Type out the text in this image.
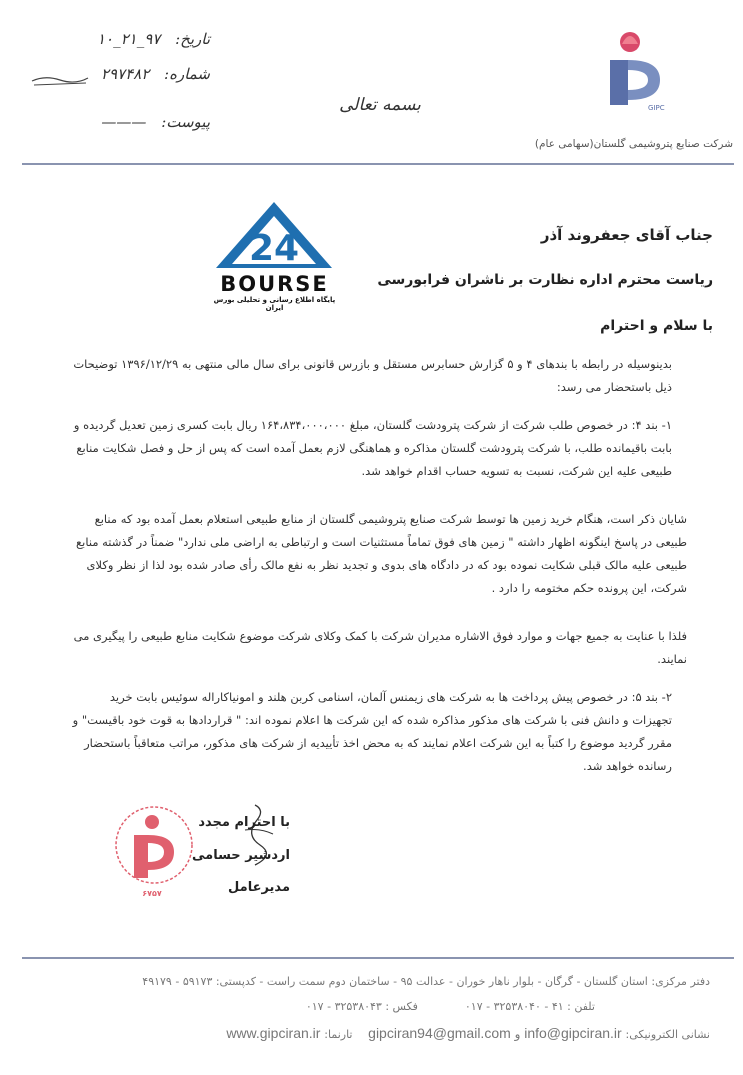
GIPC
شرکت صنایع پتروشیمی گلستان(سهامی عام)
بسمه تعالی
تاریخ: ۹۷_۲۱_۱۰
شماره: ۲۹۷۴۸۲
پیوست: ———
24
BOURSE
پایگاه اطلاع رسانی و تحلیلی بورس ایران
جناب آقای جعفروند آذر
ریاست محترم اداره نظارت بر ناشران فرابورسی
با سلام و احترام
بدینوسیله در رابطه با بندهای ۴ و ۵ گزارش حسابرس مستقل و بازرس قانونی برای سال مالی منتهی به ۱۳۹۶/۱۲/۲۹ توضیحات ذیل باستحضار می رسد:
۱- بند ۴: در خصوص طلب شرکت از شرکت پترودشت گلستان، مبلغ ۱۶۴،۸۳۴،۰۰۰،۰۰۰ ریال بابت کسری زمین تعدیل گردیده و بابت باقیمانده طلب، با شرکت پترودشت گلستان مذاکره و هماهنگی لازم بعمل آمده است که پس از حل و فصل شکایت منابع طبیعی علیه این شرکت، نسبت به تسویه حساب اقدام خواهد شد.
شایان ذکر است، هنگام خرید زمین ها توسط شرکت صنایع پتروشیمی گلستان از منابع طبیعی استعلام بعمل آمده بود که منابع طبیعی در پاسخ اینگونه اظهار داشته " زمین های فوق تماماً مستثنیات است و ارتباطی به اراضی ملی ندارد" ضمناً در گذشته منابع طبیعی علیه مالک قبلی شکایت نموده بود که در دادگاه های بدوی و تجدید نظر به نفع مالک رأی صادر شده بود لذا از نظر وکلای شرکت، این پرونده حکم مختومه را دارد .
فلذا با عنایت به جمیع جهات و موارد فوق الاشاره مدیران شرکت با کمک وکلای شرکت موضوع شکایت منابع طبیعی را پیگیری می نمایند.
۲- بند ۵: در خصوص پیش پرداخت ها به شرکت های زیمنس آلمان، اسنامی کربن هلند و امونیاکاراله سوئیس بابت خرید تجهیزات و دانش فنی با شرکت های مذکور مذاکره شده که این شرکت ها اعلام نموده اند: " قراردادها به قوت خود باقیست" و مقرر گردید موضوع را کتباً به این شرکت اعلام نمایند که به محض اخذ تأییدیه از شرکت های مذکور، مراتب متعاقباً باستحضار رسانده خواهد شد.
۶۷۵۷
با احترام مجدد
اردشیر حسامی
مدیرعامل
دفتر مرکزی: استان گلستان - گرگان - بلوار ناهار خوران - عدالت ۹۵ - ساختمان دوم سمت راست - کدپستی: ۵۹۱۷۳ - ۴۹۱۷۹
تلفن : ۴۱ - ۳۲۵۳۸۰۴۰ - ۰۱۷  فکس : ۳۲۵۳۸۰۴۳ - ۰۱۷
نشانی الکترونیکی: info@gipciran.ir و gipciran94@gmail.com  تارنما: www.gipciran.ir
